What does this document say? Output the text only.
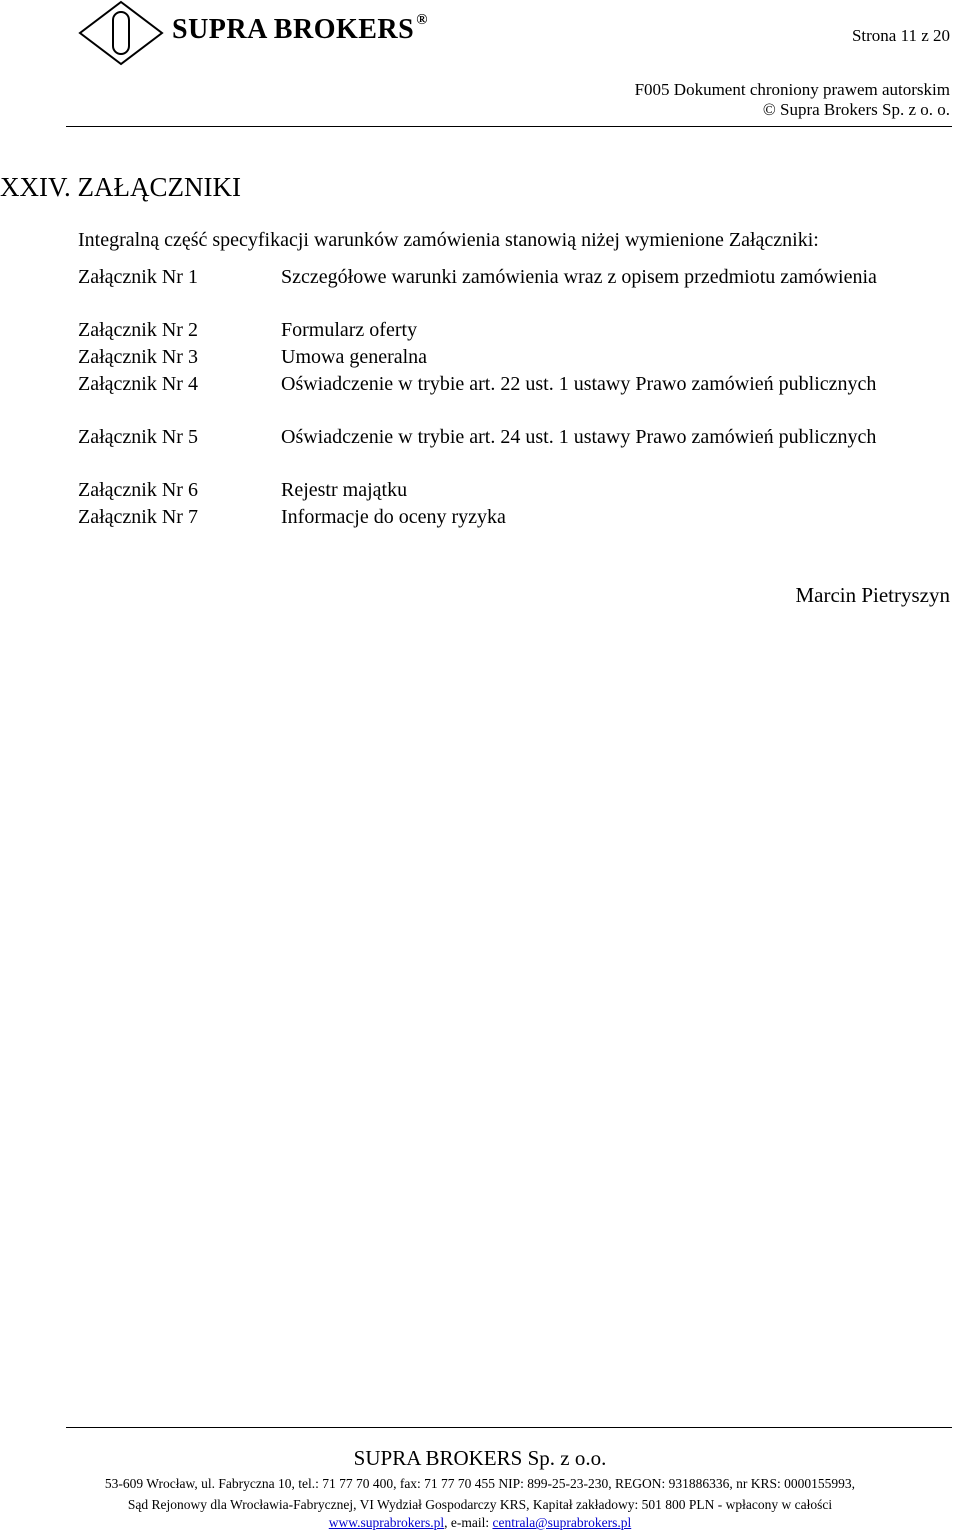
SUPRA BROKERS ®
Strona 11 z 20
F005 Dokument chroniony prawem autorskim
© Supra Brokers Sp. z o. o.
XXIV. ZAŁĄCZNIKI
Integralną część specyfikacji warunków zamówienia stanowią niżej wymienione Załączniki:
Załącznik Nr 1	Szczegółowe warunki zamówienia wraz z opisem przedmiotu zamówienia
Załącznik Nr 2	Formularz oferty
Załącznik Nr 3	Umowa generalna
Załącznik Nr 4	Oświadczenie w trybie art. 22 ust. 1 ustawy Prawo zamówień publicznych
Załącznik Nr 5	Oświadczenie w trybie art. 24 ust. 1 ustawy Prawo zamówień publicznych
Załącznik Nr 6	Rejestr majątku
Załącznik Nr 7	Informacje do oceny ryzyka
Marcin Pietryszyn
SUPRA BROKERS Sp. z o.o.
53-609 Wrocław, ul. Fabryczna 10, tel.: 71 77 70 400, fax: 71 77 70 455 NIP: 899-25-23-230, REGON: 931886336, nr KRS: 0000155993,
Sąd Rejonowy dla Wrocławia-Fabrycznej, VI Wydział Gospodarczy KRS, Kapitał zakładowy: 501 800 PLN - wpłacony w całości
www.suprabrokers.pl, e-mail: centrala@suprabrokers.pl
